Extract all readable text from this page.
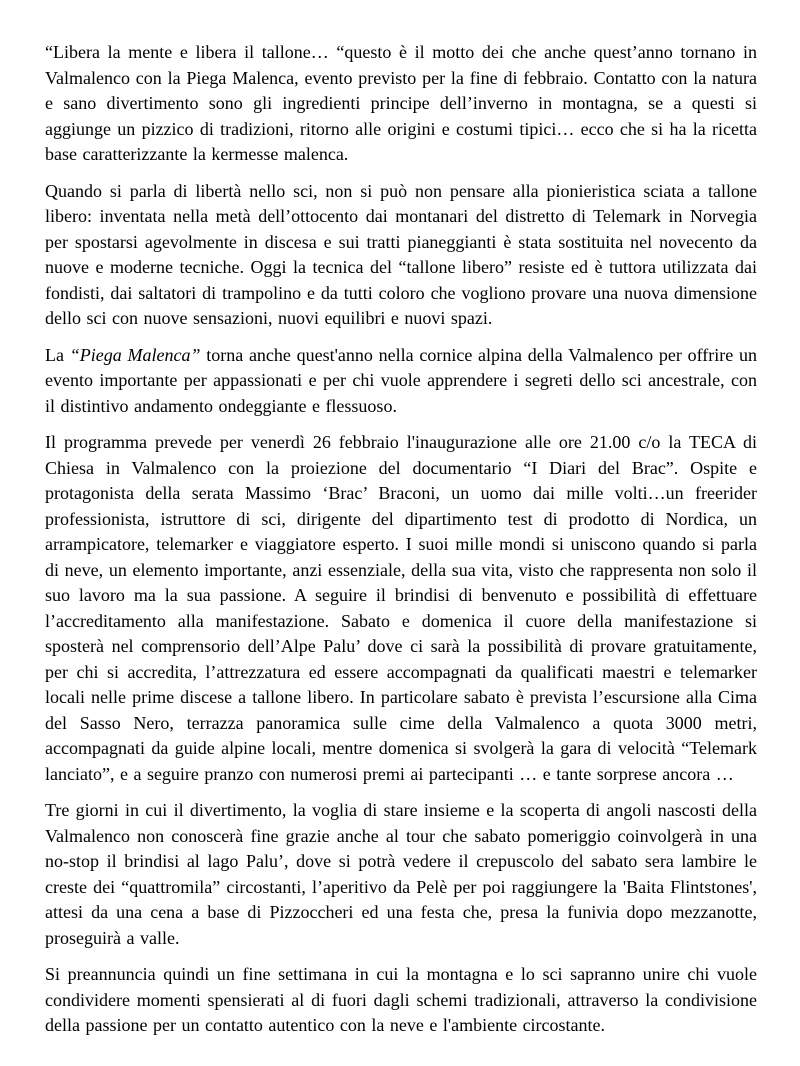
“Libera la mente e libera il tallone… “questo è il motto dei che anche quest’anno tornano in Valmalenco con la Piega Malenca, evento previsto per la fine di febbraio. Contatto con la natura e sano divertimento sono gli ingredienti principe dell’inverno in montagna, se a questi si aggiunge un pizzico di tradizioni, ritorno alle origini e costumi tipici… ecco che si ha la ricetta base caratterizzante la kermesse malenca.

Quando si parla di libertà nello sci, non si può non pensare alla pionieristica sciata a tallone libero: inventata nella metà dell’ottocento dai montanari del distretto di Telemark in Norvegia per spostarsi agevolmente in discesa e sui tratti pianeggianti è stata sostituita nel novecento da nuove e moderne tecniche. Oggi la tecnica del “tallone libero” resiste ed è tuttora utilizzata dai fondisti, dai saltatori di trampolino e da tutti coloro che vogliono provare una nuova dimensione dello sci con nuove sensazioni, nuovi equilibri e nuovi spazi.

La “Piega Malenca” torna anche quest'anno nella cornice alpina della Valmalenco per offrire un evento importante per appassionati e per chi vuole apprendere i segreti dello sci ancestrale, con il distintivo andamento ondeggiante e flessuoso.

Il programma prevede per venerdì 26 febbraio l'inaugurazione alle ore 21.00 c/o la TECA di Chiesa in Valmalenco con la proiezione del documentario “I Diari del Brac”. Ospite e protagonista della serata Massimo ‘Brac’ Braconi, un uomo dai mille volti…un freerider professionista, istruttore di sci, dirigente del dipartimento test di prodotto di Nordica, un arrampicatore, telemarker e viaggiatore esperto. I suoi mille mondi si uniscono quando si parla di neve, un elemento importante, anzi essenziale, della sua vita, visto che rappresenta non solo il suo lavoro ma la sua passione. A seguire il brindisi di benvenuto e possibilità di effettuare l’accreditamento alla manifestazione. Sabato e domenica il cuore della manifestazione si sposterà nel comprensorio dell’Alpe Palu’ dove ci sarà la possibilità di provare gratuitamente, per chi si accredita, l’attrezzatura ed essere accompagnati da qualificati maestri e telemarker locali nelle prime discese a tallone libero. In particolare sabato è prevista l’escursione alla Cima del Sasso Nero, terrazza panoramica sulle cime della Valmalenco a quota 3000 metri, accompagnati da guide alpine locali, mentre domenica si svolgerà la gara di velocità “Telemark lanciato”, e a seguire pranzo con numerosi premi ai partecipanti … e tante sorprese ancora …

Tre giorni in cui il divertimento, la voglia di stare insieme e la scoperta di angoli nascosti della Valmalenco non conoscerà fine grazie anche al tour che sabato pomeriggio coinvolgerà in una no-stop il brindisi al lago Palu’, dove si potrà vedere il crepuscolo del sabato sera lambire le creste dei “quattromila” circostanti, l’aperitivo da Pelè per poi raggiungere la 'Baita Flintstones', attesi da una cena a base di Pizzoccheri ed una festa che, presa la funivia dopo mezzanotte, proseguirà a valle.

Si preannuncia quindi un fine settimana in cui la montagna e lo sci sapranno unire chi vuole condividere momenti spensierati al di fuori dagli schemi tradizionali, attraverso la condivisione della passione per un contatto autentico con la neve e l'ambiente circostante.
